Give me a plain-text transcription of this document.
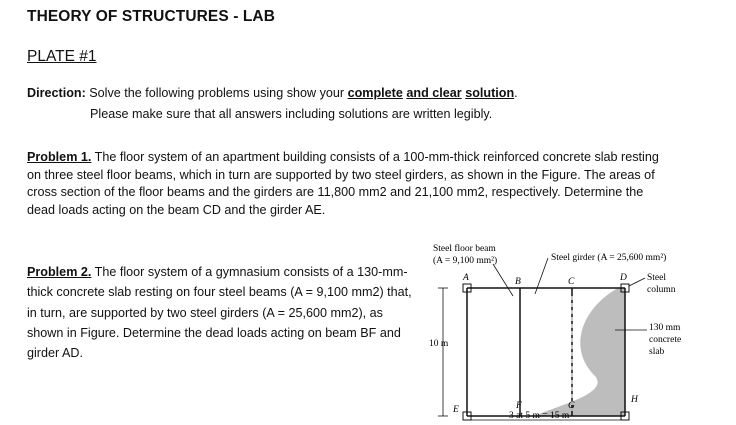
THEORY OF STRUCTURES - LAB
PLATE #1
Direction: Solve the following problems using show your complete and clear solution.
Please make sure that all answers including solutions are written legibly.
Problem 1. The floor system of an apartment building consists of a 100-mm-thick reinforced concrete slab resting on three steel floor beams, which in turn are supported by two steel girders, as shown in the Figure. The areas of cross section of the floor beams and the girders are 11,800 mm2 and 21,100 mm2, respectively. Determine the dead loads acting on the beam CD and the girder AE.
Problem 2. The floor system of a gymnasium consists of a 130-mm-thick concrete slab resting on four steel beams (A = 9,100 mm2) that, in turn, are supported by two steel girders (A = 25,600 mm2), as shown in Figure. Determine the dead loads acting on beam BF and girder AD.
Steel floor beam
(A = 9,100 mm²)	Steel girder (A = 25,600 mm²)
Steel
column
130 mm
concrete
slab
10 m
3 at 5 m = 15 m
A	B	C	D
E	F	G
H
